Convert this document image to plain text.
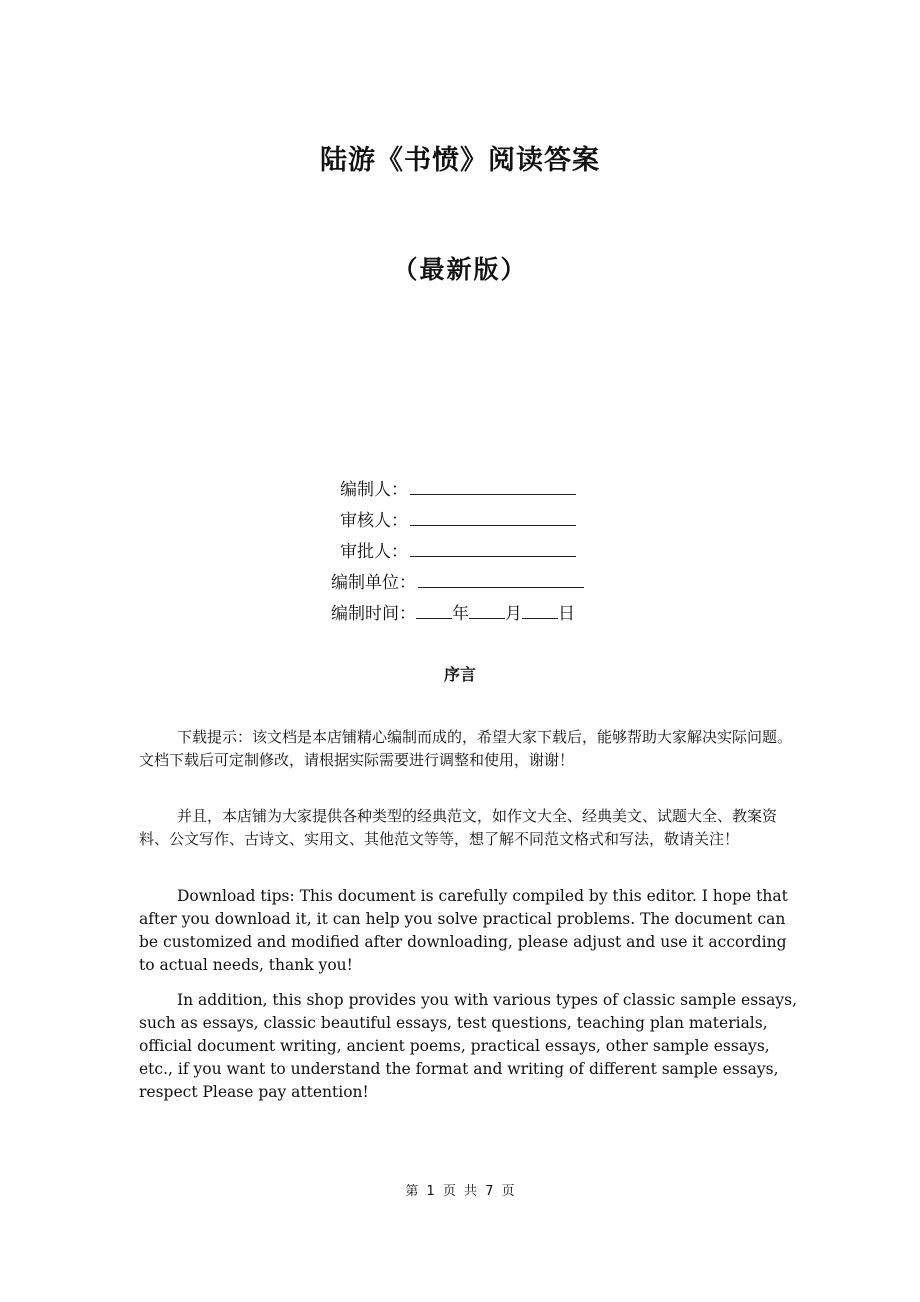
陆游《书愤》阅读答案
（最新版）
编制人：
审核人：
审批人：
编制单位：
编制时间： 年 月 日
序言
下载提示：该文档是本店铺精心编制而成的，希望大家下载后，能够帮助大家解决实际问题。文档下载后可定制修改，请根据实际需要进行调整和使用，谢谢！
并且，本店铺为大家提供各种类型的经典范文，如作文大全、经典美文、试题大全、教案资料、公文写作、古诗文、实用文、其他范文等等，想了解不同范文格式和写法，敬请关注！
Download tips: This document is carefully compiled by this editor. I hope that after you download it, it can help you solve practical problems. The document can be customized and modified after downloading, please adjust and use it according to actual needs, thank you!
In addition, this shop provides you with various types of classic sample essays, such as essays, classic beautiful essays, test questions, teaching plan materials, official document writing, ancient poems, practical essays, other sample essays, etc., if you want to understand the format and writing of different sample essays, respect Please pay attention!
第 1 页 共 7 页
